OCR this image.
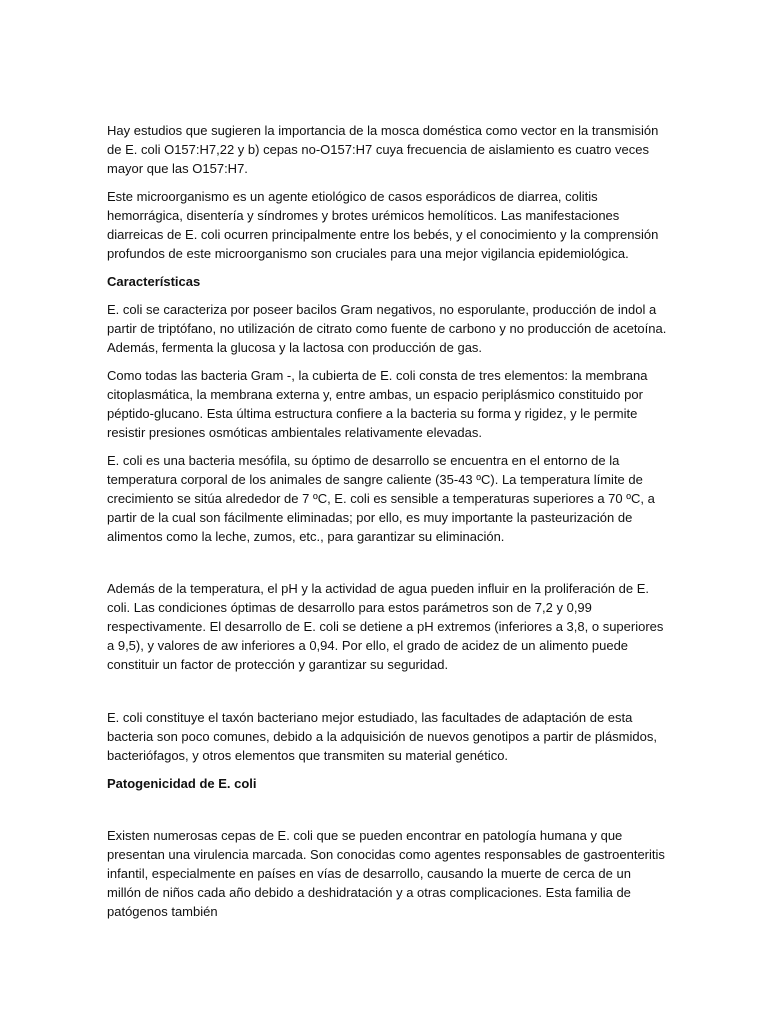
Hay estudios que sugieren la importancia de la mosca doméstica como vector en la transmisión de E. coli O157:H7,22 y b) cepas no-O157:H7 cuya frecuencia de aislamiento es cuatro veces mayor que las O157:H7.

Este microorganismo es un agente etiológico de casos esporádicos de diarrea, colitis hemorrágica, disentería y síndromes y brotes urémicos hemolíticos. Las manifestaciones diarreicas de E. coli ocurren principalmente entre los bebés, y el conocimiento y la comprensión profundos de este microorganismo son cruciales para una mejor vigilancia epidemiológica.

Características

E. coli se caracteriza por poseer bacilos Gram negativos, no esporulante, producción de indol a partir de triptófano, no utilización de citrato como fuente de carbono y no producción de acetoína. Además, fermenta la glucosa y la lactosa con producción de gas.

Como todas las bacteria Gram -, la cubierta de E. coli consta de tres elementos: la membrana citoplasmática, la membrana externa y, entre ambas, un espacio periplásmico constituido por péptido-glucano. Esta última estructura confiere a la bacteria su forma y rigidez, y le permite resistir presiones osmóticas ambientales relativamente elevadas.

E. coli es una bacteria mesófila, su óptimo de desarrollo se encuentra en el entorno de la temperatura corporal de los animales de sangre caliente (35-43 ºC). La temperatura límite de crecimiento se sitúa alrededor de 7 ºC, E. coli es sensible a temperaturas superiores a 70 ºC, a partir de la cual son fácilmente eliminadas; por ello, es muy importante la pasteurización de alimentos como la leche, zumos, etc., para garantizar su eliminación.

Además de la temperatura, el pH y la actividad de agua pueden influir en la proliferación de E. coli. Las condiciones óptimas de desarrollo para estos parámetros son de 7,2 y 0,99 respectivamente. El desarrollo de E. coli se detiene a pH extremos (inferiores a 3,8, o superiores a 9,5), y valores de aw inferiores a 0,94. Por ello, el grado de acidez de un alimento puede constituir un factor de protección y garantizar su seguridad.

E. coli constituye el taxón bacteriano mejor estudiado, las facultades de adaptación de esta bacteria son poco comunes, debido a la adquisición de nuevos genotipos a partir de plásmidos, bacteriófagos, y otros elementos que transmiten su material genético.

Patogenicidad de E. coli

Existen numerosas cepas de E. coli que se pueden encontrar en patología humana y que presentan una virulencia marcada. Son conocidas como agentes responsables de gastroenteritis infantil, especialmente en países en vías de desarrollo, causando la muerte de cerca de un millón de niños cada año debido a deshidratación y a otras complicaciones. Esta familia de patógenos también
